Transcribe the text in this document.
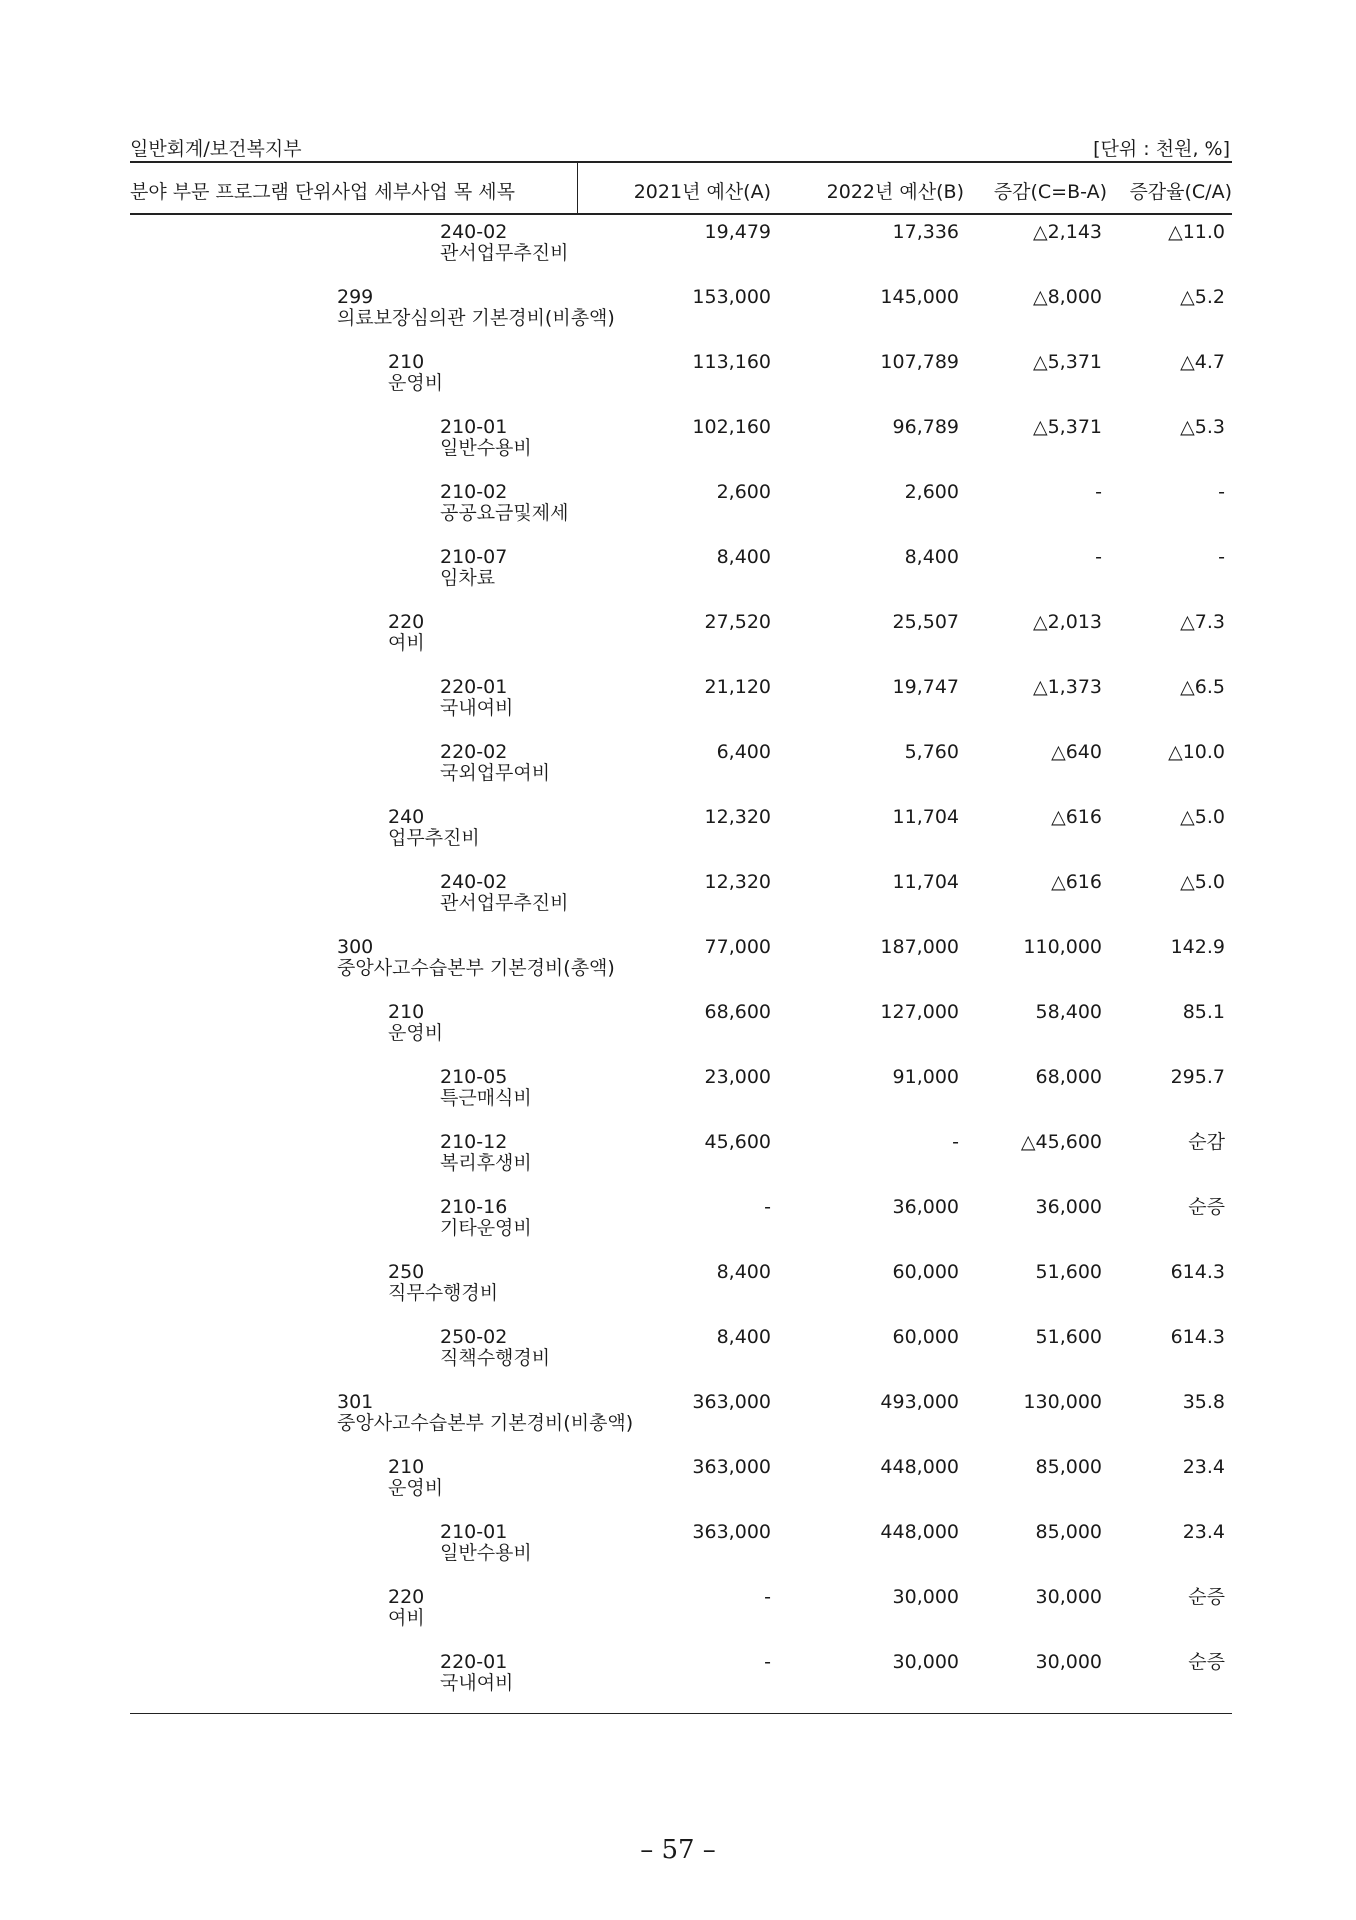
일반회계/보건복지부	[단위 : 천원, %]
분야 부문 프로그램 단위사업 세부사업 목 세목	2021년 예산(A)	2022년 예산(B) 증감(C=B-A) 증감율(C/A)
240-02
관서업무추진비
19,479	17,336	△2,143	△11.0
299
의료보장심의관 기본경비(비총액)
153,000	145,000	△8,000	△5.2
210
운영비
113,160	107,789	△5,371	△4.7
210-01
일반수용비
102,160	96,789	△5,371	△5.3
210-02
공공요금및제세
2,600	2,600	-	-
210-07
임차료
8,400	8,400	-	-
220
여비
27,520	25,507	△2,013	△7.3
220-01
국내여비
21,120	19,747	△1,373	△6.5
220-02
국외업무여비
6,400	5,760	△640	△10.0
240
업무추진비
12,320	11,704	△616	△5.0
240-02
관서업무추진비
12,320	11,704	△616	△5.0
300
중앙사고수습본부 기본경비(총액)
77,000	187,000	110,000	142.9
210
운영비
68,600	127,000	58,400	85.1
210-05
특근매식비
23,000	91,000	68,000	295.7
210-12
복리후생비
45,600	-	△45,600	순감
210-16
기타운영비
-	36,000	36,000	순증
250
직무수행경비
8,400	60,000	51,600	614.3
250-02
직책수행경비
8,400	60,000	51,600	614.3
301
중앙사고수습본부 기본경비(비총액)
363,000	493,000	130,000	35.8
210
운영비
363,000	448,000	85,000	23.4
210-01
일반수용비
363,000	448,000	85,000	23.4
220
여비
-	30,000	30,000	순증
220-01
국내여비
-	30,000	30,000	순증
– 57 –
